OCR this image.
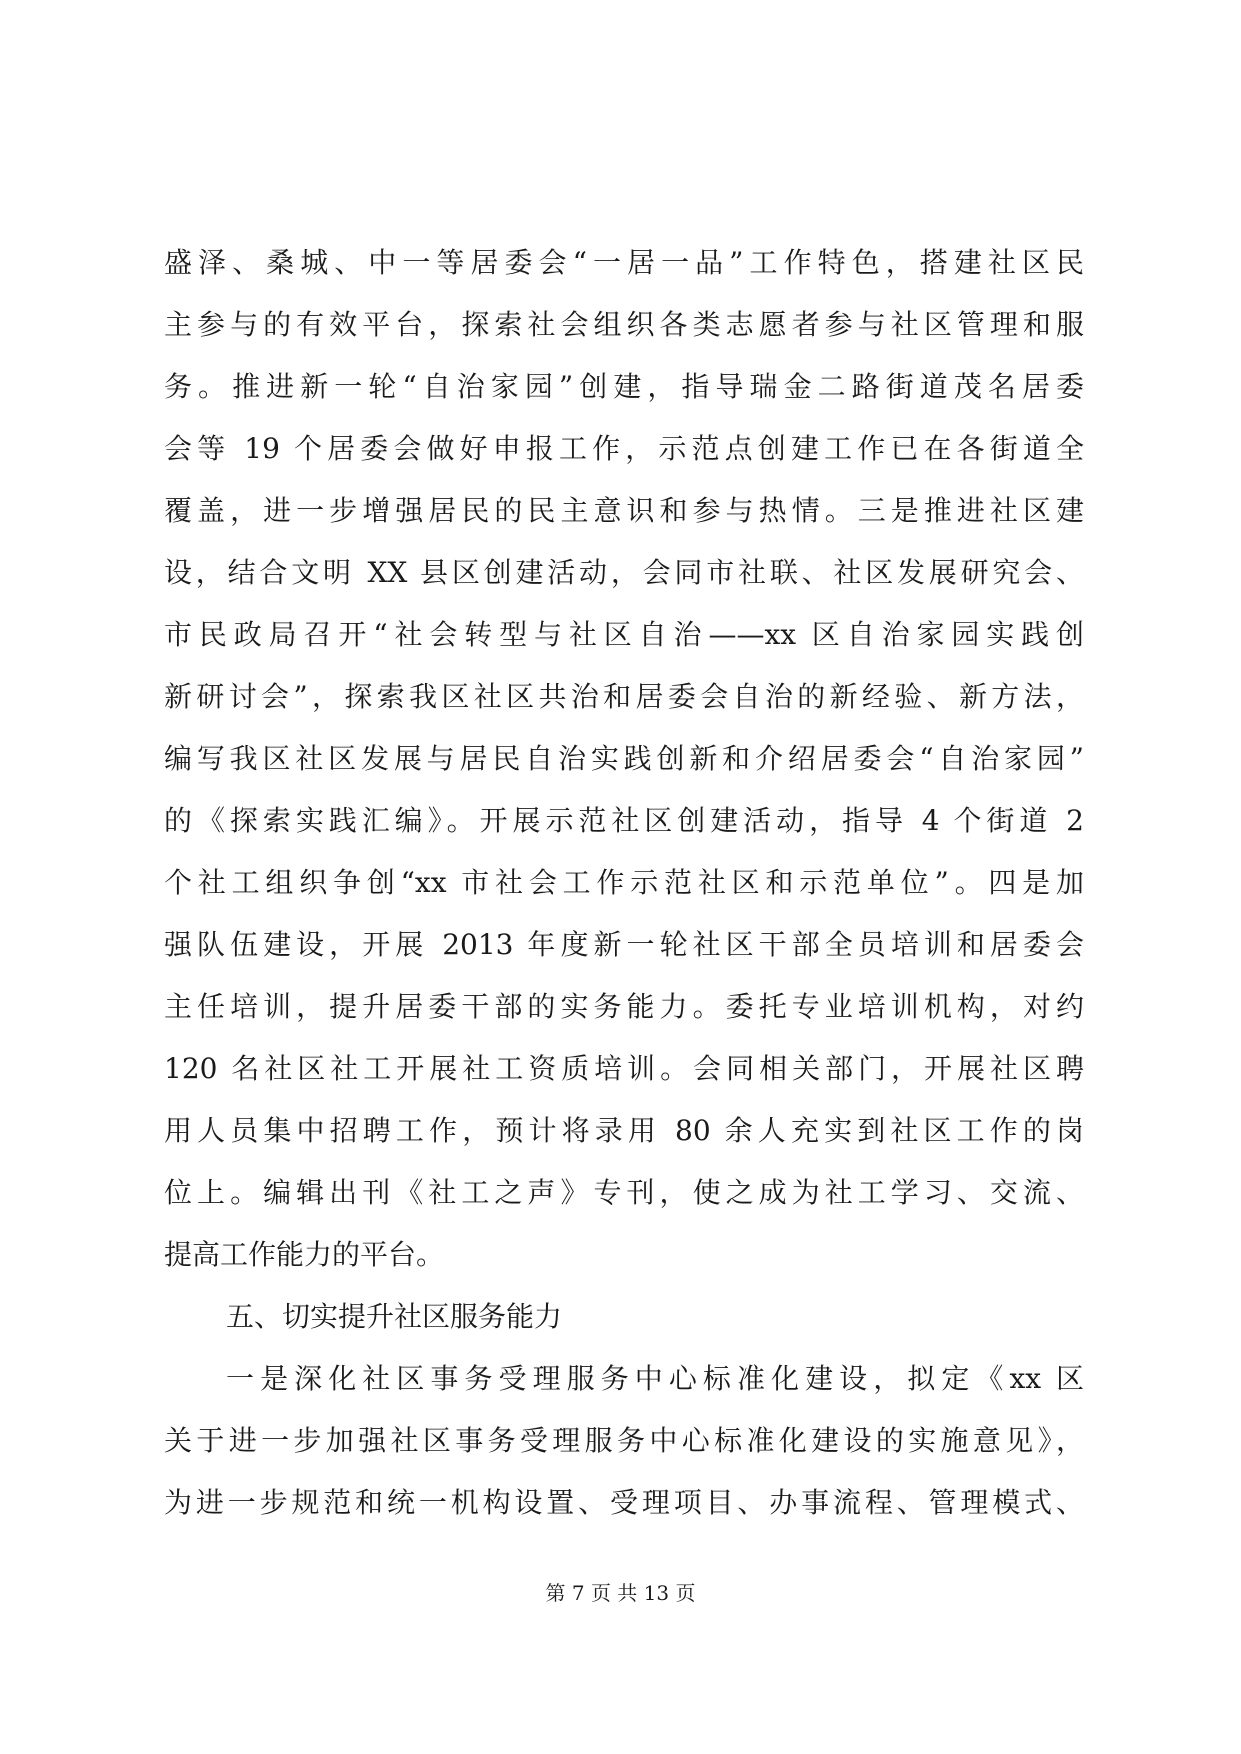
盛泽、桑城、中一等居委会“一居一品”工作特色，搭建社区民
主参与的有效平台，探索社会组织各类志愿者参与社区管理和服
务。推进新一轮“自治家园”创建，指导瑞金二路街道茂名居委
会等 19 个居委会做好申报工作，示范点创建工作已在各街道全
覆盖，进一步增强居民的民主意识和参与热情。三是推进社区建
设，结合文明 XX 县区创建活动，会同市社联、社区发展研究会、
市民政局召开“社会转型与社区自治——xx 区自治家园实践创
新研讨会”，探索我区社区共治和居委会自治的新经验、新方法，
编写我区社区发展与居民自治实践创新和介绍居委会“自治家园”
的《探索实践汇编》。开展示范社区创建活动，指导 4 个街道 2
个社工组织争创“xx 市社会工作示范社区和示范单位”。四是加
强队伍建设，开展 2013 年度新一轮社区干部全员培训和居委会
主任培训，提升居委干部的实务能力。委托专业培训机构，对约
120 名社区社工开展社工资质培训。会同相关部门，开展社区聘
用人员集中招聘工作，预计将录用 80 余人充实到社区工作的岗
位上。编辑出刊《社工之声》专刊，使之成为社工学习、交流、
提高工作能力的平台。
五、切实提升社区服务能力
一是深化社区事务受理服务中心标准化建设，拟定《xx 区
关于进一步加强社区事务受理服务中心标准化建设的实施意见》，
为进一步规范和统一机构设置、受理项目、办事流程、管理模式、
第 7 页 共 13 页
